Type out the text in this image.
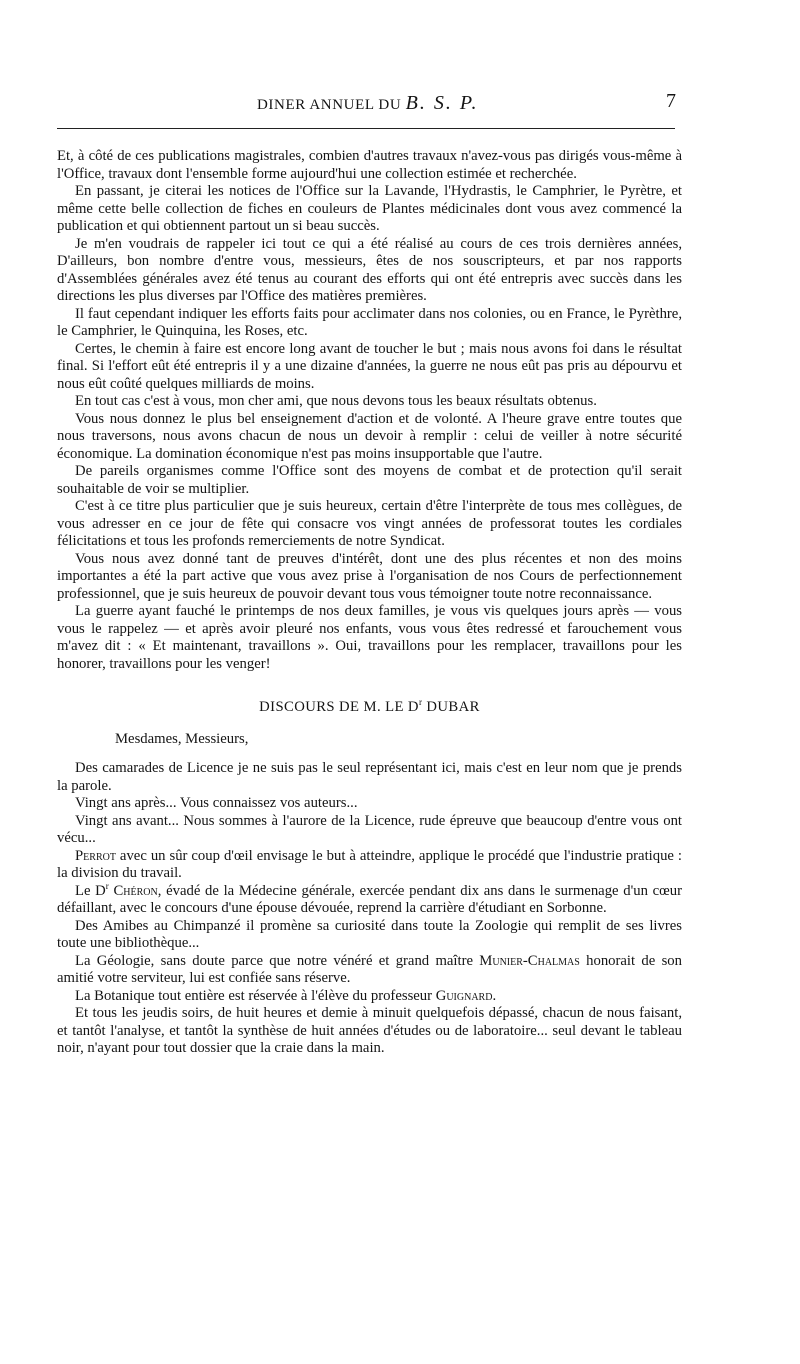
DINER ANNUEL DU B. S. P.	7

Et, à côté de ces publications magistrales, combien d'autres travaux n'avez-vous pas dirigés vous-même à l'Office, travaux dont l'ensemble forme aujourd'hui une collection estimée et recherchée.

En passant, je citerai les notices de l'Office sur la Lavande, l'Hydrastis, le Camphrier, le Pyrètre, et même cette belle collection de fiches en couleurs de Plantes médicinales dont vous avez commencé la publication et qui obtiennent partout un si beau succès.

Je m'en voudrais de rappeler ici tout ce qui a été réalisé au cours de ces trois dernières années, D'ailleurs, bon nombre d'entre vous, messieurs, êtes de nos souscripteurs, et par nos rapports d'Assemblées générales avez été tenus au courant des efforts qui ont été entrepris avec succès dans les directions les plus diverses par l'Office des matières premières.

Il faut cependant indiquer les efforts faits pour acclimater dans nos colonies, ou en France, le Pyrèthre, le Camphrier, le Quinquina, les Roses, etc.

Certes, le chemin à faire est encore long avant de toucher le but ; mais nous avons foi dans le résultat final. Si l'effort eût été entrepris il y a une dizaine d'années, la guerre ne nous eût pas pris au dépourvu et nous eût coûté quelques milliards de moins.

En tout cas c'est à vous, mon cher ami, que nous devons tous les beaux résultats obtenus.

Vous nous donnez le plus bel enseignement d'action et de volonté. A l'heure grave entre toutes que nous traversons, nous avons chacun de nous un devoir à remplir : celui de veiller à notre sécurité économique. La domination économique n'est pas moins insupportable que l'autre.

De pareils organismes comme l'Office sont des moyens de combat et de protection qu'il serait souhaitable de voir se multiplier.

C'est à ce titre plus particulier que je suis heureux, certain d'être l'interprète de tous mes collègues, de vous adresser en ce jour de fête qui consacre vos vingt années de professorat toutes les cordiales félicitations et tous les profonds remerciements de notre Syndicat.

Vous nous avez donné tant de preuves d'intérêt, dont une des plus récentes et non des moins importantes a été la part active que vous avez prise à l'organisation de nos Cours de perfectionnement professionnel, que je suis heureux de pouvoir devant tous vous témoigner toute notre reconnaissance.

La guerre ayant fauché le printemps de nos deux familles, je vous vis quelques jours après — vous vous le rappelez — et après avoir pleuré nos enfants, vous vous êtes redressé et farouchement vous m'avez dit : « Et maintenant, travaillons ». Oui, travaillons pour les remplacer, travaillons pour les honorer, travaillons pour les venger!

DISCOURS DE M. LE $D^r$ DUBAR

Mesdames, Messieurs,

Des camarades de Licence je ne suis pas le seul représentant ici, mais c'est en leur nom que je prends la parole.

Vingt ans après... Vous connaissez vos auteurs...

Vingt ans avant... Nous sommes à l'aurore de la Licence, rude épreuve que beaucoup d'entre vous ont vécu...

Perrot avec un sûr coup d'œil envisage le but à atteindre, applique le procédé que l'industrie pratique : la division du travail.

Le $D^r$ Chéron, évadé de la Médecine générale, exercée pendant dix ans dans le surmenage d'un cœur défaillant, avec le concours d'une épouse dévouée, reprend la carrière d'étudiant en Sorbonne.

Des Amibes au Chimpanzé il promène sa curiosité dans toute la Zoologie qui remplit de ses livres toute une bibliothèque...

La Géologie, sans doute parce que notre vénéré et grand maître Munier-Chalmas honorait de son amitié votre serviteur, lui est confiée sans réserve.

La Botanique tout entière est réservée à l'élève du professeur Guignard.

Et tous les jeudis soirs, de huit heures et demie à minuit quelquefois dépassé, chacun de nous faisant, et tantôt l'analyse, et tantôt la synthèse de huit années d'études ou de laboratoire... seul devant le tableau noir, n'ayant pour tout dossier que la craie dans la main.
